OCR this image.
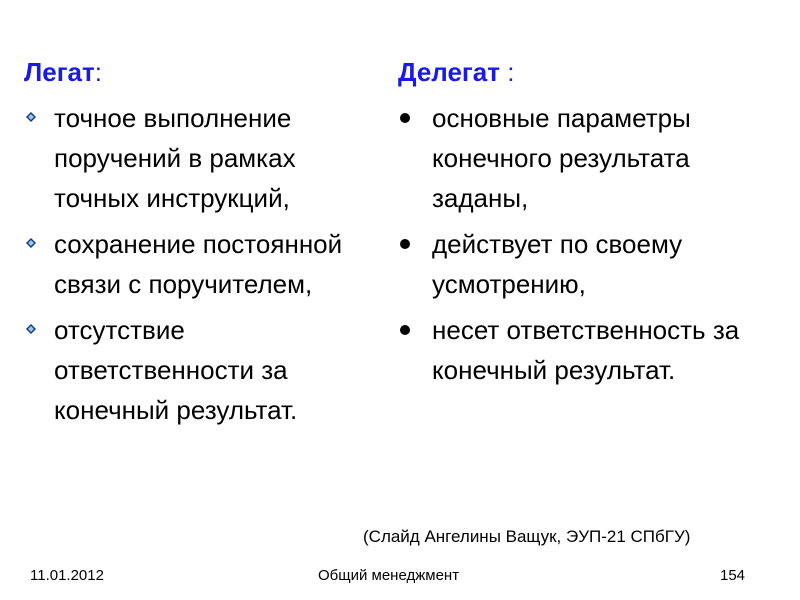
Легат:
точное выполнение поручений в рамках точных инструкций,
сохранение постоянной связи с поручителем,
отсутствие ответственности за конечный результат.
Делегат :
основные параметры конечного результата заданы,
действует по своему усмотрению,
несет ответственность за конечный результат.
(Слайд Ангелины Ващук, ЭУП-21 СПбГУ)
11.01.2012	Общий менеджмент	154
